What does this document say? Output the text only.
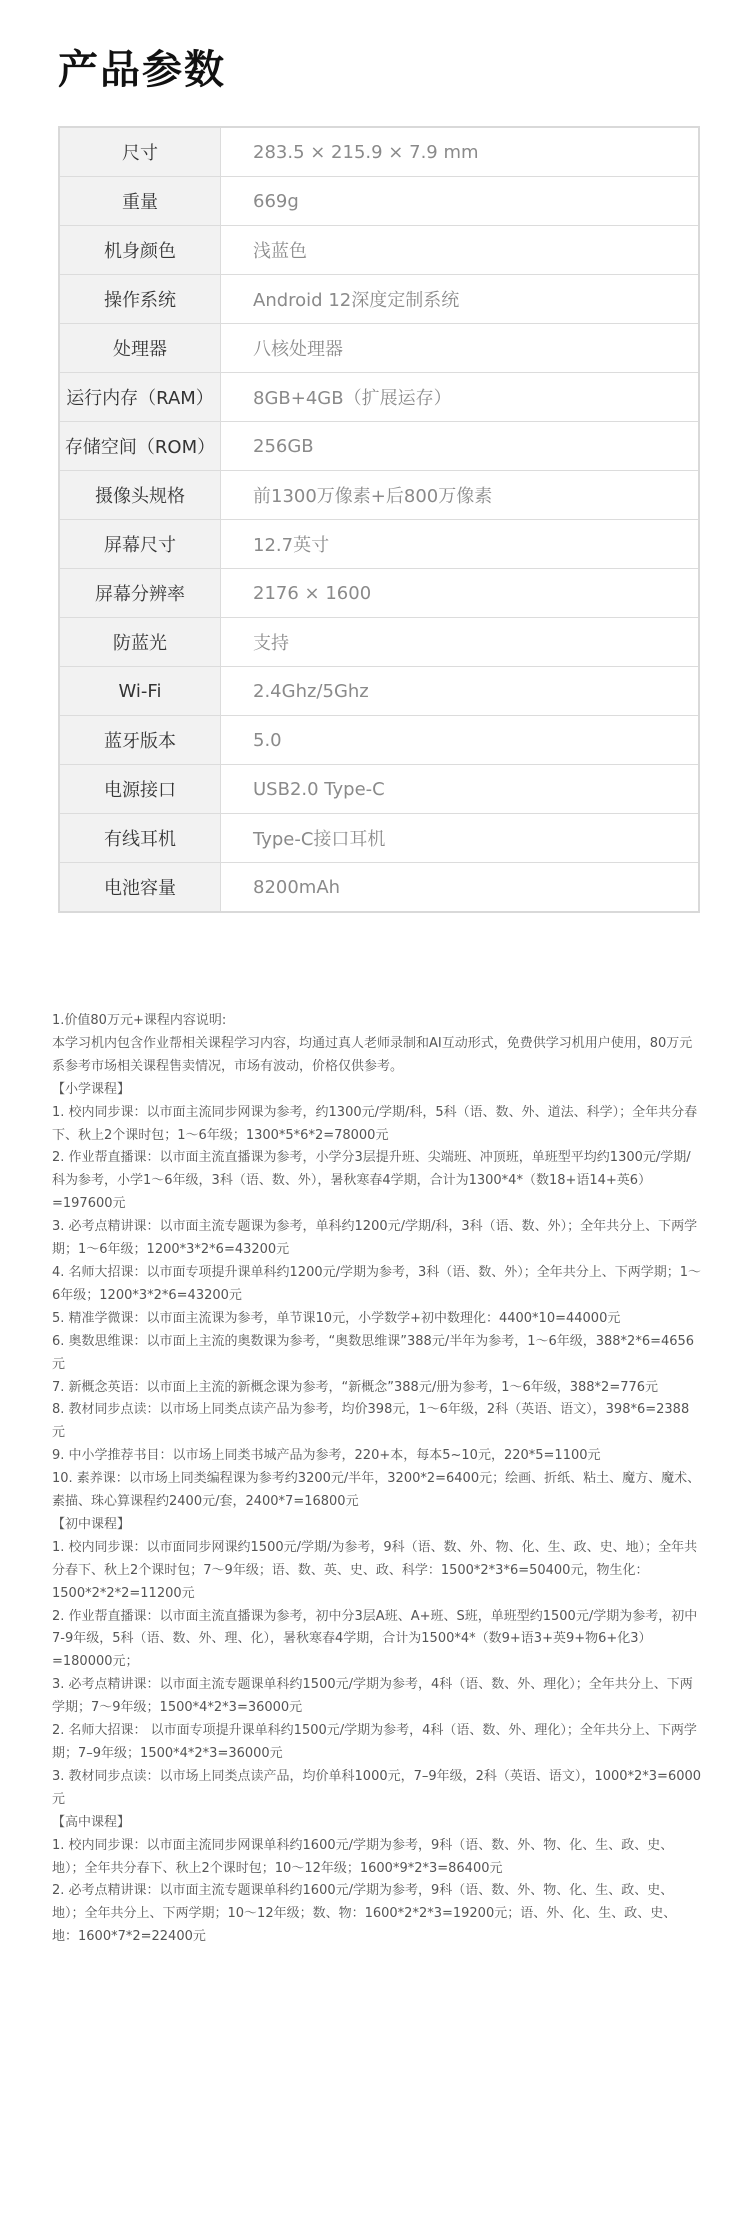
产品参数
尺寸	283.5 × 215.9 × 7.9 mm
重量	669g
机身颜色	浅蓝色
操作系统	Android 12深度定制系统
处理器	八核处理器
运行内存（RAM）	8GB+4GB（扩展运存）
存储空间（ROM）	256GB
摄像头规格	前1300万像素+后800万像素
屏幕尺寸	12.7英寸
屏幕分辨率	2176 × 1600
防蓝光	支持
Wi-Fi	2.4Ghz/5Ghz
蓝牙版本	5.0
电源接口	USB2.0 Type-C
有线耳机	Type-C接口耳机
电池容量	8200mAh

1.价值80万元+课程内容说明:

本学习机内包含作业帮相关课程学习内容，均通过真人老师录制和AI互动形式，免费供学习机用户使用，80万元系参考市场相关课程售卖情况，市场有波动，价格仅供参考。

【小学课程】

1. 校内同步课：以市面主流同步网课为参考，约1300元/学期/科，5科（语、数、外、道法、科学）；全年共分春下、秋上2个课时包；1～6年级；1300*5*6*2=78000元

2. 作业帮直播课：以市面主流直播课为参考，小学分3层提升班、尖端班、冲顶班，单班型平均约1300元/学期/科为参考，小学1～6年级，3科（语、数、外），暑秋寒春4学期，合计为1300*4*（数18+语14+英6）=197600元

3. 必考点精讲课：以市面主流专题课为参考，单科约1200元/学期/科，3科（语、数、外）；全年共分上、下两学期；1～6年级；1200*3*2*6=43200元

4. 名师大招课：以市面专项提升课单科约1200元/学期为参考，3科（语、数、外）；全年共分上、下两学期；1～6年级；1200*3*2*6=43200元

5. 精准学微课：以市面主流课为参考，单节课10元，小学数学+初中数理化：4400*10=44000元

6. 奥数思维课：以市面上主流的奥数课为参考，“奥数思维课”388元/半年为参考，1～6年级，388*2*6=4656元

7. 新概念英语：以市面上主流的新概念课为参考，“新概念”388元/册为参考，1～6年级，388*2=776元

8. 教材同步点读：以市场上同类点读产品为参考，均价398元，1～6年级，2科（英语、语文），398*6=2388元

9. 中小学推荐书目：以市场上同类书城产品为参考，220+本，每本5~10元，220*5=1100元

10. 素养课：以市场上同类编程课为参考约3200元/半年，3200*2=6400元；绘画、折纸、粘土、魔方、魔术、素描、珠心算课程约2400元/套，2400*7=16800元

【初中课程】

1. 校内同步课：以市面同步网课约1500元/学期/为参考，9科（语、数、外、物、化、生、政、史、地）；全年共分春下、秋上2个课时包；7～9年级；语、数、英、史、政、科学：1500*2*3*6=50400元，物生化：1500*2*2*2=11200元

2. 作业帮直播课：以市面主流直播课为参考，初中分3层A班、A+班、S班，单班型约1500元/学期为参考，初中7-9年级，5科（语、数、外、理、化），暑秋寒春4学期，合计为1500*4*（数9+语3+英9+物6+化3）=180000元；

3. 必考点精讲课：以市面主流专题课单科约1500元/学期为参考，4科（语、数、外、理化）；全年共分上、下两学期；7～9年级；1500*4*2*3=36000元

2. 名师大招课： 以市面专项提升课单科约1500元/学期为参考，4科（语、数、外、理化）；全年共分上、下两学期；7–9年级；1500*4*2*3=36000元

3. 教材同步点读：以市场上同类点读产品，均价单科1000元，7–9年级，2科（英语、语文），1000*2*3=6000元

【高中课程】

1. 校内同步课：以市面主流同步网课单科约1600元/学期为参考，9科（语、数、外、物、化、生、政、史、地）；全年共分春下、秋上2个课时包；10～12年级；1600*9*2*3=86400元

2. 必考点精讲课：以市面主流专题课单科约1600元/学期为参考，9科（语、数、外、物、化、生、政、史、地）；全年共分上、下两学期；10～12年级；数、物：1600*2*2*3=19200元；语、外、化、生、政、史、地：1600*7*2=22400元
